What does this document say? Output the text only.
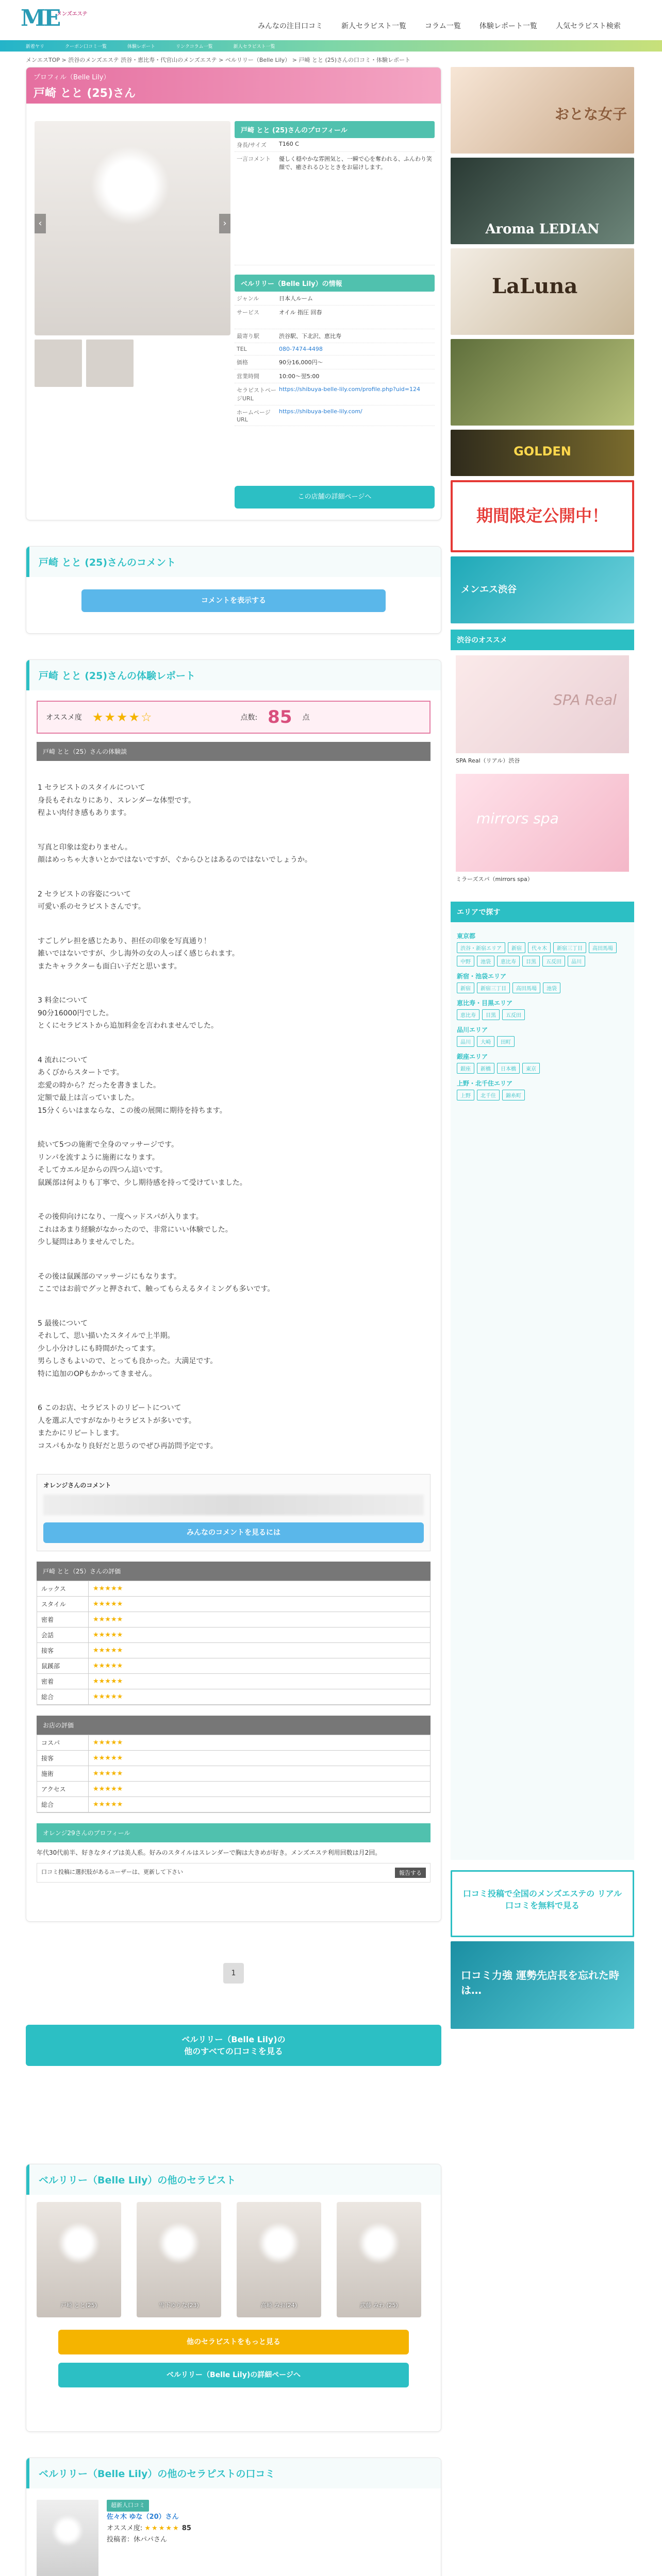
ME
メンズエステ
みんなの注目口コミ	新人セラピスト一覧	コラム一覧	体験レポート一覧	人気セラピスト検索
新着ヤリ	クーポン口コミ一覧	体験レポート	リンクコラム一覧	新人セラピスト一覧
メンエスTOP > 渋谷のメンズエステ 渋谷・恵比寿・代官山のメンズエステ > ベルリリー（Belle Lily） > 戸崎 とと (25)さんの口コミ・体験レポート
プロフィル（Belle Lily）
戸崎 とと (25)さん
‹	›
戸崎 とと (25)さんのプロフィール
身長/サイズ	T160 C
一言コメント	優しく穏やかな雰囲気と、一瞬で心を奪われる、ふんわり笑顔で、癒されるひとときをお届けします。
ベルリリー（Belle Lily）の情報
ジャンル	日本人ルーム
サービス	オイル 指圧 回春
最寄り駅	渋谷駅、下北沢、恵比寿
TEL	080-7474-4498
価格	90分16,000円〜
営業時間	10:00〜翌5:00
セラピストページURL
https://shibuya-belle-lily.com/profile.php?uid=124
ホームページURL
https://shibuya-belle-lily.com/
この店舗の詳細ページへ
戸崎 とと (25)さんのコメント
コメントを表示する
戸崎 とと (25)さんの体験レポート
オススメ度 ★★★★☆	点数: 85 点
戸崎 とと（25）さんの体験談

1 セラピストのスタイルについて
身長もそれなりにあり、スレンダーな体型です。
程よい肉付き感もあります。

写真と印象は変わりません。
顔はめっちゃ大きいとかではないですが、ぐからひとはあるのではないでしょうか。

2 セラピストの容姿について
可愛い系のセラピストさんです。

すごしゲレ担を感じたあり、担任の印象を写真通り！
雑いではないですが、少し海外の女の人っぽく感じられます。
またキャラクターも面白い子だと思います。

3 料金について
90分16000円でした。
とくにセラピストから追加料金を言われませんでした。

4 流れについて
あくびからスタートです。
恋愛の時から？だったを書きました。
定額で最上は言っていました。
15分くらいはまならな、この後の展開に期待を持ちます。

続いて5つの施術で全身のマッサージです。
リンパを流すように施術になります。
そしてカエル足からの四つん這いです。
鼠蹊部は何よりも丁寧で、少し期待感を持って受けていました。

その後仰向けになり、一度ヘッドスパが入ります。
これはあまり経験がなかったので、非常にいい体験でした。
少し疑問はありませんでした。

その後は鼠蹊部のマッサージにもなります。
ここではお前でグッと押されて、触ってもらえるタイミングも多いです。

5 最後について
それして、思い描いたスタイルで上半期。
少し小分けしにも時間がたってます。
男らしさもよいので、とっても良かった。大満足です。
特に追加のOPもかかってきません。

6 このお店、セラピストのリピートについて
人を選ぶ人ですがなかりセラピストが多いです。
またかにリピートします。
コスパもかなり良好だと思うのでぜひ再訪問予定です。

オレンジさんのコメント
みんなのコメントを見るには
戸崎 とと（25）さんの評価
ルックス	★★★★★
スタイル	★★★★★
密着	★★★★★
会話	★★★★★
接客	★★★★★
鼠蹊部	★★★★★
密着	★★★★★
総合	★★★★★
お店の評価
コスパ	★★★★★
接客	★★★★★
施術	★★★★★
アクセス	★★★★★
総合	★★★★★
オレンジ29さんのプロフィール
年代30代前半、好きなタイプは美人系。好みのスタイルはスレンダーで胸は大きめが好き。メンズエステ利用回数は月2回。
口コミ投稿に選択肢があるユーザーは、更新して下さい	報告する
1
ベルリリー（Belle Lily)の
他のすべての口コミを見る
ベルリリー（Belle Lily）の他のセラピスト
戸崎 とと(25)	雪下ゆりな(23)	高崎 みお(24)	武藤 みわ (25)
他のセラピストをもっと見る
ベルリリー（Belle Lily)の詳細ページへ
ベルリリー（Belle Lily）の他のセラピストの口コミ
超新人口コミ
佐々木 ゆな（20）さん
オススメ度: ★★★★★ 85
投稿者：休パパさん
おとな女子
Aroma LEDIAN
LaLuna
GOLDEN
期間限定公開中！
メンエス渋谷
渋谷のオススメ
SPA Real
SPA Real（リアル）渋谷
mirrors spa
ミラーズスパ（mirrors spa）
エリアで探す
東京都
渋谷・新宿エリア	新宿	代々木	新宿三丁目	高田馬場
中野	池袋	恵比寿	目黒	五反田	品川
新宿・池袋エリア
新宿	新宿三丁目	高田馬場	池袋
恵比寿・目黒エリア
恵比寿	目黒	五反田
品川エリア
品川	大崎	田町
銀座エリア
銀座	新橋	日本橋	東京
上野・北千住エリア
上野	北千住	錦糸町
口コミ投稿で全国のメンズエステの リアル口コミを無料で見る
口コミ力強 運勢先店長を忘れた時は…
